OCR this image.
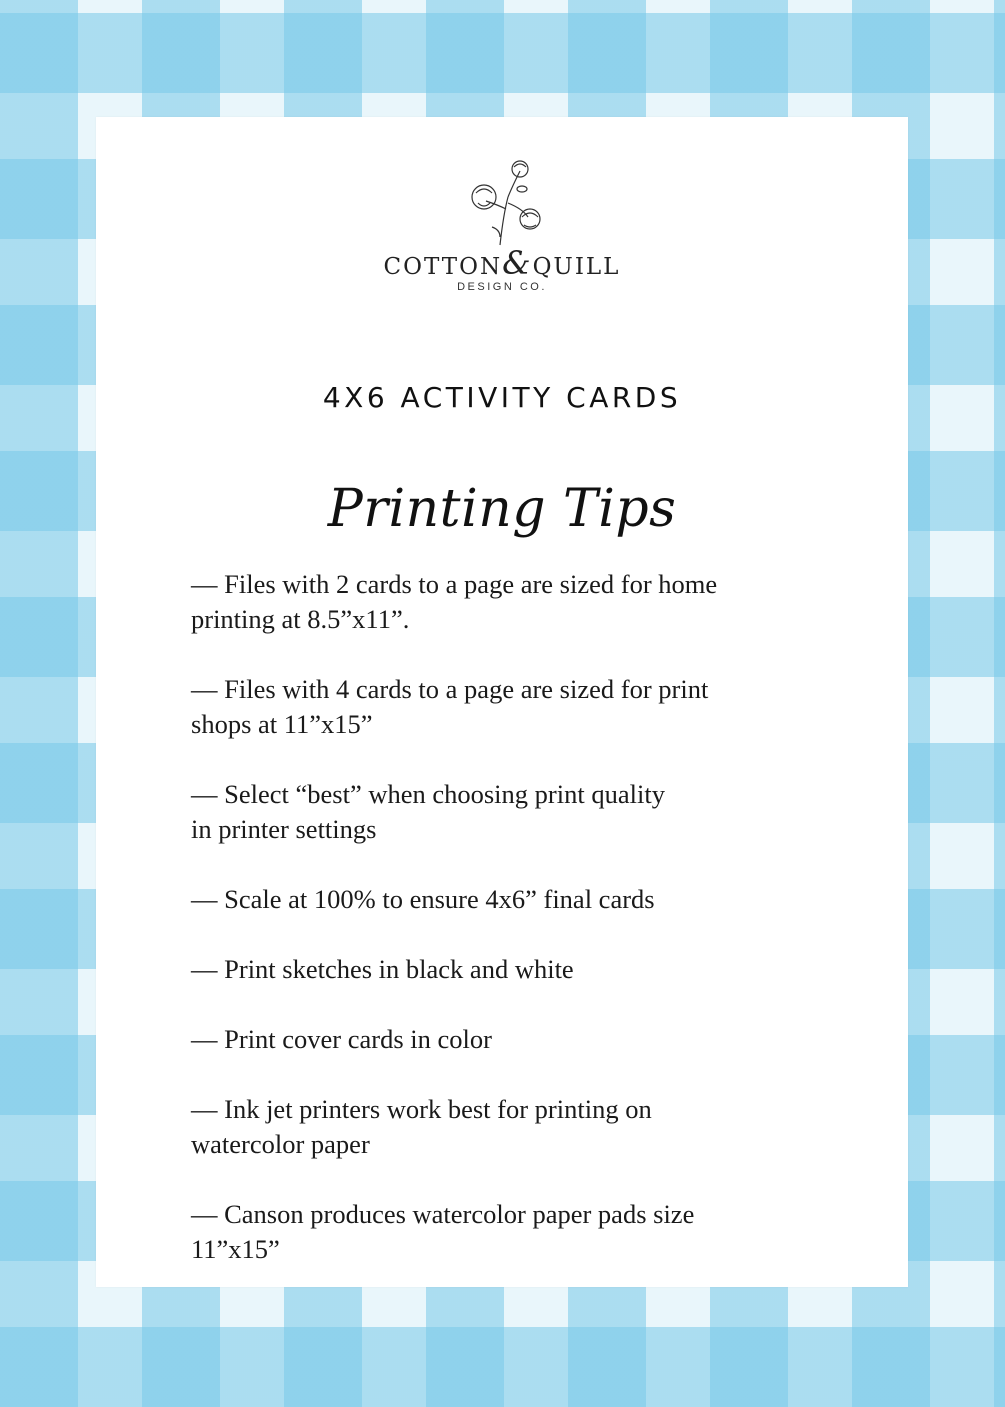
COTTON&QUILL
DESIGN CO.
4X6 ACTIVITY CARDS
Printing Tips
— Files with 2 cards to a page are sized for home
printing at 8.5”x11”.
— Files with 4 cards to a page are sized for print
shops at 11”x15”
— Select “best” when choosing print quality
in printer settings
— Scale at 100% to ensure 4x6” final cards
— Print sketches in black and white
— Print cover cards in color
— Ink jet printers work best for printing on
watercolor paper
— Canson produces watercolor paper pads size
11”x15”
